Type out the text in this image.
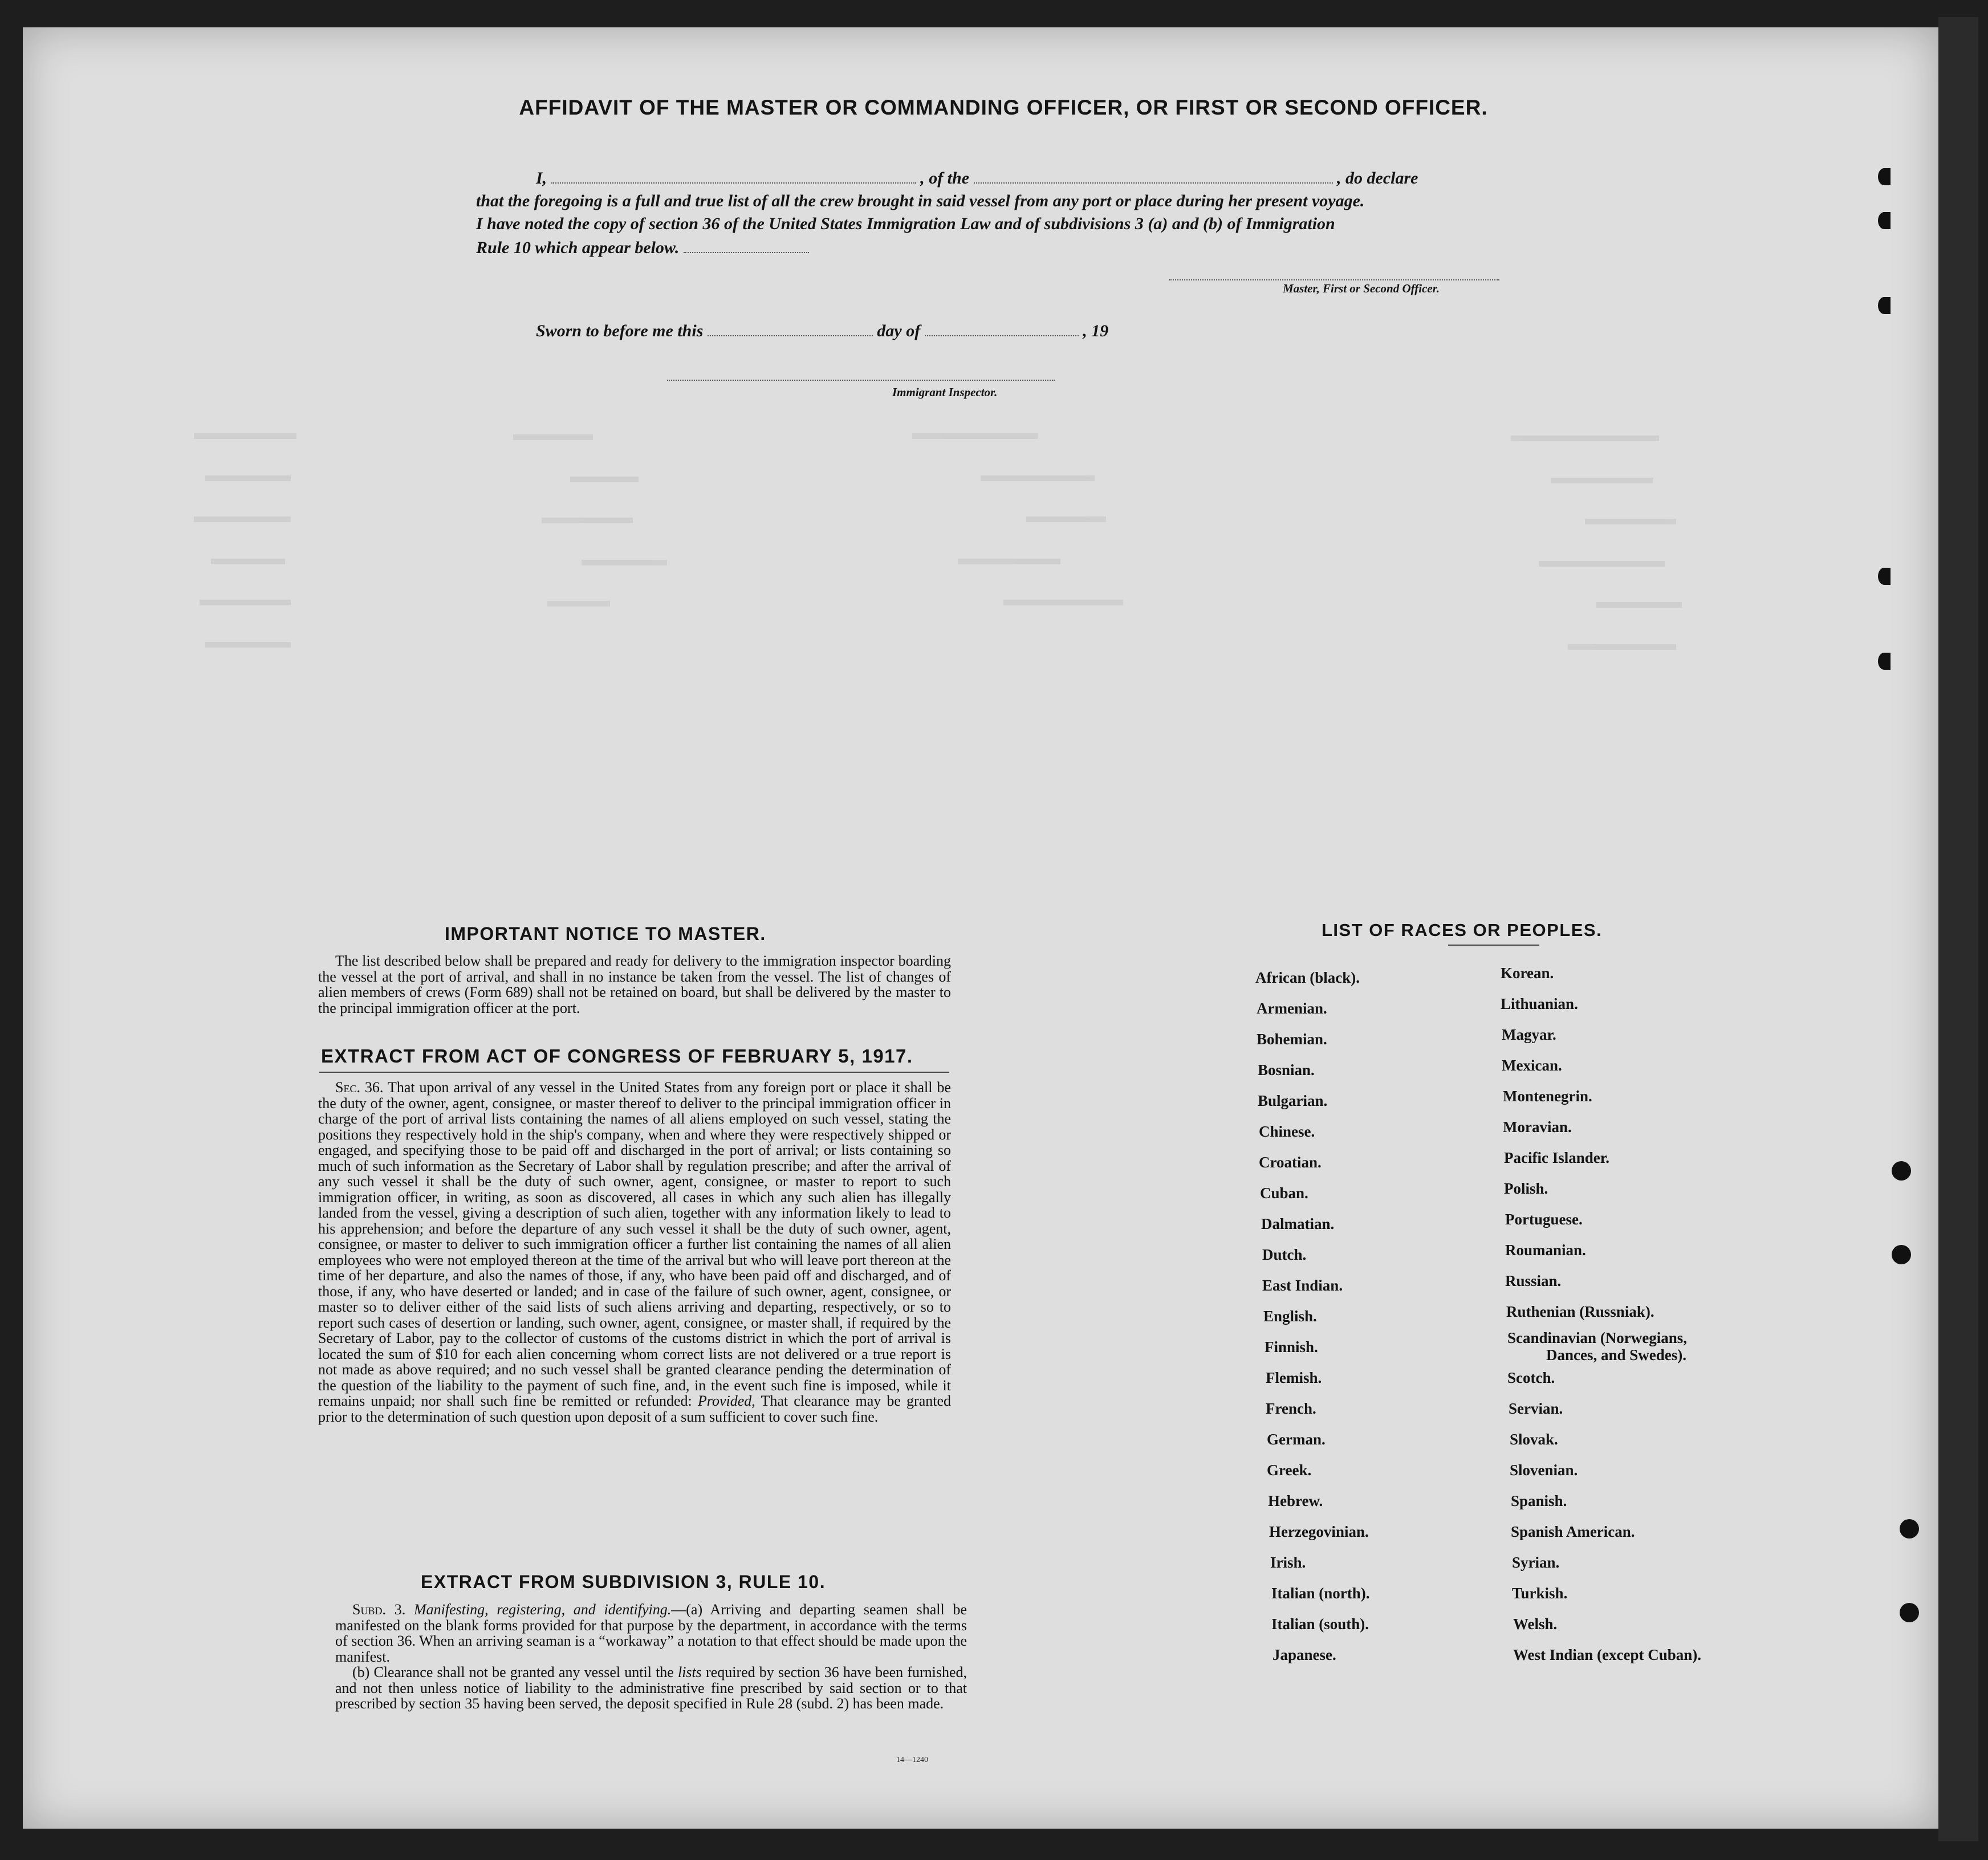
AFFIDAVIT OF THE MASTER OR COMMANDING OFFICER, OR FIRST OR SECOND OFFICER.
I,	, of the	, do declare
that the foregoing is a full and true list of all the crew brought in said vessel from any port or place during her present voyage.
I have noted the copy of section 36 of the United States Immigration Law and of subdivisions 3 (a) and (b) of Immigration
Rule 10 which appear below.
Master, First or Second Officer.
Sworn to before me this	day of	, 19
Immigrant Inspector.
IMPORTANT NOTICE TO MASTER.

The list described below shall be prepared and ready for delivery to the immigration inspector boarding the vessel at the port of arrival, and shall in no instance be taken from the vessel. The list of changes of alien members of crews (Form 689) shall not be retained on board, but shall be delivered by the master to the principal immigration officer at the port.

EXTRACT FROM ACT OF CONGRESS OF FEBRUARY 5, 1917.

Sec. 36. That upon arrival of any vessel in the United States from any foreign port or place it shall be the duty of the owner, agent, consignee, or master thereof to deliver to the principal immigration officer in charge of the port of arrival lists containing the names of all aliens employed on such vessel, stating the positions they respectively hold in the ship's company, when and where they were respectively shipped or engaged, and specifying those to be paid off and discharged in the port of arrival; or lists containing so much of such information as the Secretary of Labor shall by regulation prescribe; and after the arrival of any such vessel it shall be the duty of such owner, agent, consignee, or master to report to such immigration officer, in writing, as soon as discovered, all cases in which any such alien has illegally landed from the vessel, giving a description of such alien, together with any information likely to lead to his apprehension; and before the departure of any such vessel it shall be the duty of such owner, agent, consignee, or master to deliver to such immigration officer a further list containing the names of all alien employees who were not employed thereon at the time of the arrival but who will leave port thereon at the time of her departure, and also the names of those, if any, who have been paid off and discharged, and of those, if any, who have deserted or landed; and in case of the failure of such owner, agent, consignee, or master so to deliver either of the said lists of such aliens arriving and departing, respectively, or so to report such cases of desertion or landing, such owner, agent, consignee, or master shall, if required by the Secretary of Labor, pay to the collector of customs of the customs district in which the port of arrival is located the sum of $10 for each alien concerning whom correct lists are not delivered or a true report is not made as above required; and no such vessel shall be granted clearance pending the determination of the question of the liability to the payment of such fine, and, in the event such fine is imposed, while it remains unpaid; nor shall such fine be remitted or refunded: Provided, That clearance may be granted prior to the determination of such question upon deposit of a sum sufficient to cover such fine.

EXTRACT FROM SUBDIVISION 3, RULE 10.

Subd. 3. Manifesting, registering, and identifying.—(a) Arriving and departing seamen shall be manifested on the blank forms provided for that purpose by the department, in accordance with the terms of section 36. When an arriving seaman is a “workaway” a notation to that effect should be made upon the manifest.

(b) Clearance shall not be granted any vessel until the lists required by section 36 have been furnished, and not then unless notice of liability to the administrative fine prescribed by said section or to that prescribed by section 35 having been served, the deposit specified in Rule 28 (subd. 2) has been made.

14—1240
LIST OF RACES OR PEOPLES.
African (black).
Armenian.
Bohemian.
Bosnian.
Bulgarian.
Chinese.
Croatian.
Cuban.
Dalmatian.
Dutch.
East Indian.
English.
Finnish.
Flemish.
French.
German.
Greek.
Hebrew.
Herzegovinian.
Irish.
Italian (north).
Italian (south).
Japanese.
Korean.
Lithuanian.
Magyar.
Mexican.
Montenegrin.
Moravian.
Pacific Islander.
Polish.
Portuguese.
Roumanian.
Russian.
Ruthenian (Russniak).
Scandinavian (Norwegians,
Dances, and Swedes).
Scotch.
Servian.
Slovak.
Slovenian.
Spanish.
Spanish American.
Syrian.
Turkish.
Welsh.
West Indian (except Cuban).
